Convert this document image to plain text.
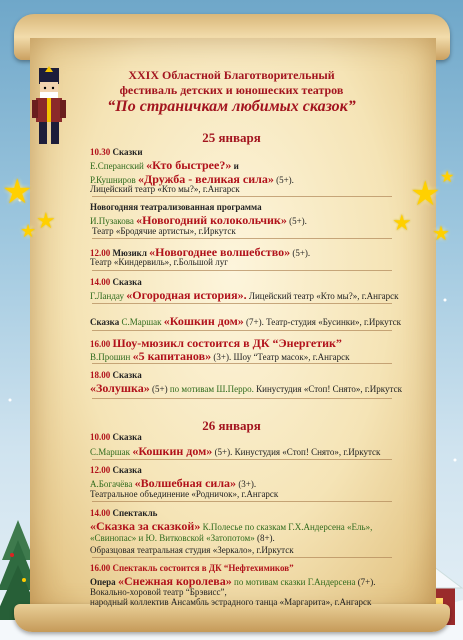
★
★
★
★ ★
★ ★
XXIX Областной Благотворительный
фестиваль детских и юношеских театров
“По страничкам любимых сказок”
25 января
10.30 Сказки
Е.Сперанский «Кто быстрее?» и
Р.Кушниров «Дружба - великая сила» (5+).
Лицейский театр «Кто мы?», г.Ангарск
Новогодняя театрализованная программа
И.Пузакова «Новогодний колокольчик» (5+).
Театр «Бродячие артисты», г.Иркутск
12.00 Мюзикл «Новогоднее волшебство» (5+).
Театр «Киндервиль», г.Большой луг
14.00 Сказка
Г.Ландау «Огородная история». Лицейский театр «Кто мы?», г.Ангарск
Сказка С.Маршак «Кошкин дом» (7+). Театр-студия «Бусинки», г.Иркутск
16.00 Шоу-мюзикл состоится в ДК “Энергетик”
В.Прошин «5 капитанов» (3+). Шоу “Театр масок», г.Ангарск
18.00 Сказка
«Золушка» (5+) по мотивам Ш.Перро. Кинустудия «Стоп! Снято», г.Иркутск
26 января
10.00 Сказка
С.Маршак «Кошкин дом» (5+). Кинустудия «Стоп! Снято», г.Иркутск
12.00 Сказка
А.Богачёва «Волшебная сила» (3+).
Театральное объединение «Родничок», г.Ангарск
14.00 Спектакль
«Сказка за сказкой» К.Полесье по сказкам Г.Х.Андерсена «Ель»,
«Свинопас» и Ю. Витковской «Затопотом» (8+).
Образцовая театральная студия «Зеркало», г.Иркутск
16.00 Спектакль состоится в ДК “Нефтехимиков”
Опера «Снежная королева» по мотивам сказки Г.Андерсена (7+).
Вокально-хоровой театр “Брэвисс”,
народный коллектив Ансамбль эстрадного танца «Маргарита», г.Ангарск
